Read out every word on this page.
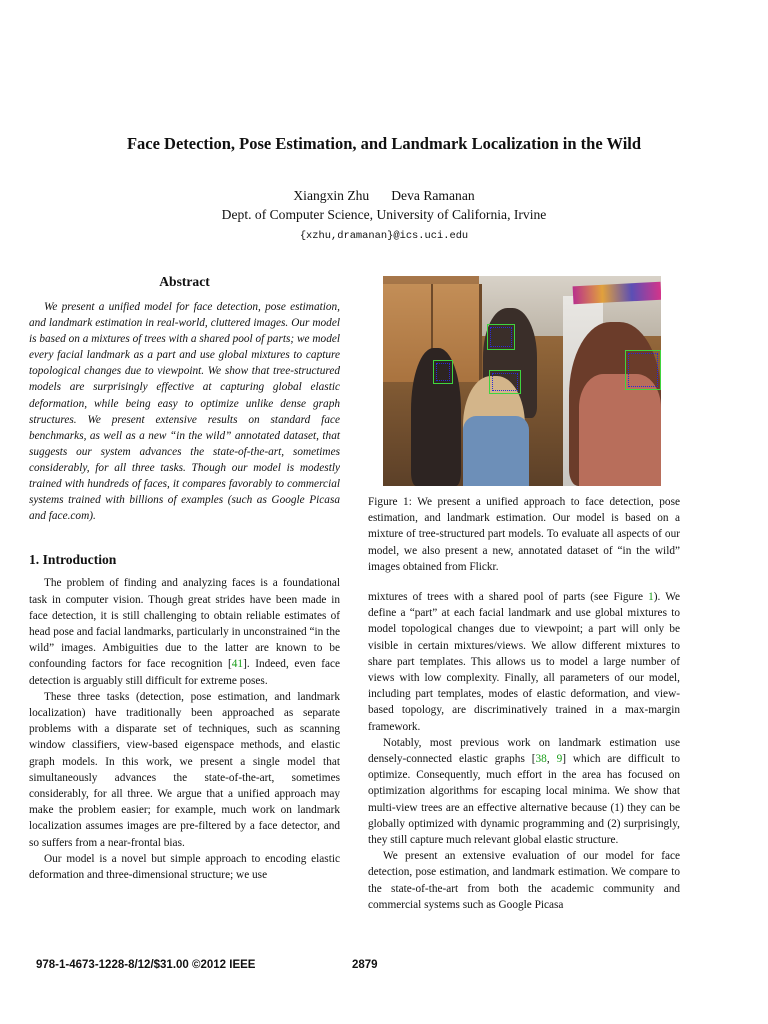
Face Detection, Pose Estimation, and Landmark Localization in the Wild
Xiangxin Zhu Deva Ramanan
Dept. of Computer Science, University of California, Irvine
{xzhu,dramanan}@ics.uci.edu
Abstract

We present a unified model for face detection, pose estimation, and landmark estimation in real-world, cluttered images. Our model is based on a mixtures of trees with a shared pool of parts; we model every facial landmark as a part and use global mixtures to capture topological changes due to viewpoint. We show that tree-structured models are surprisingly effective at capturing global elastic deformation, while being easy to optimize unlike dense graph structures. We present extensive results on standard face benchmarks, as well as a new “in the wild” annotated dataset, that suggests our system advances the state-of-the-art, sometimes considerably, for all three tasks. Though our model is modestly trained with hundreds of faces, it compares favorably to commercial systems trained with billions of examples (such as Google Picasa and face.com).

1. Introduction

The problem of finding and analyzing faces is a foundational task in computer vision. Though great strides have been made in face detection, it is still challenging to obtain reliable estimates of head pose and facial landmarks, particularly in unconstrained “in the wild” images. Ambiguities due to the latter are known to be confounding factors for face recognition [41]. Indeed, even face detection is arguably still difficult for extreme poses.

These three tasks (detection, pose estimation, and landmark localization) have traditionally been approached as separate problems with a disparate set of techniques, such as scanning window classifiers, view-based eigenspace methods, and elastic graph models. In this work, we present a single model that simultaneously advances the state-of-the-art, sometimes considerably, for all three. We argue that a unified approach may make the problem easier; for example, much work on landmark localization assumes images are pre-filtered by a face detector, and so suffers from a near-frontal bias.

Our model is a novel but simple approach to encoding elastic deformation and three-dimensional structure; we use

Figure 1: We present a unified approach to face detection, pose estimation, and landmark estimation. Our model is based on a mixture of tree-structured part models. To evaluate all aspects of our model, we also present a new, annotated dataset of “in the wild” images obtained from Flickr.

mixtures of trees with a shared pool of parts (see Figure 1). We define a “part” at each facial landmark and use global mixtures to model topological changes due to viewpoint; a part will only be visible in certain mixtures/views. We allow different mixtures to share part templates. This allows us to model a large number of views with low complexity. Finally, all parameters of our model, including part templates, modes of elastic deformation, and view-based topology, are discriminatively trained in a max-margin framework.

Notably, most previous work on landmark estimation use densely-connected elastic graphs [38, 9] which are difficult to optimize. Consequently, much effort in the area has focused on optimization algorithms for escaping local minima. We show that multi-view trees are an effective alternative because (1) they can be globally optimized with dynamic programming and (2) surprisingly, they still capture much relevant global elastic structure.

We present an extensive evaluation of our model for face detection, pose estimation, and landmark estimation. We compare to the state-of-the-art from both the academic community and commercial systems such as Google Picasa

978-1-4673-1228-8/12/$31.00 ©2012 IEEE	2879
